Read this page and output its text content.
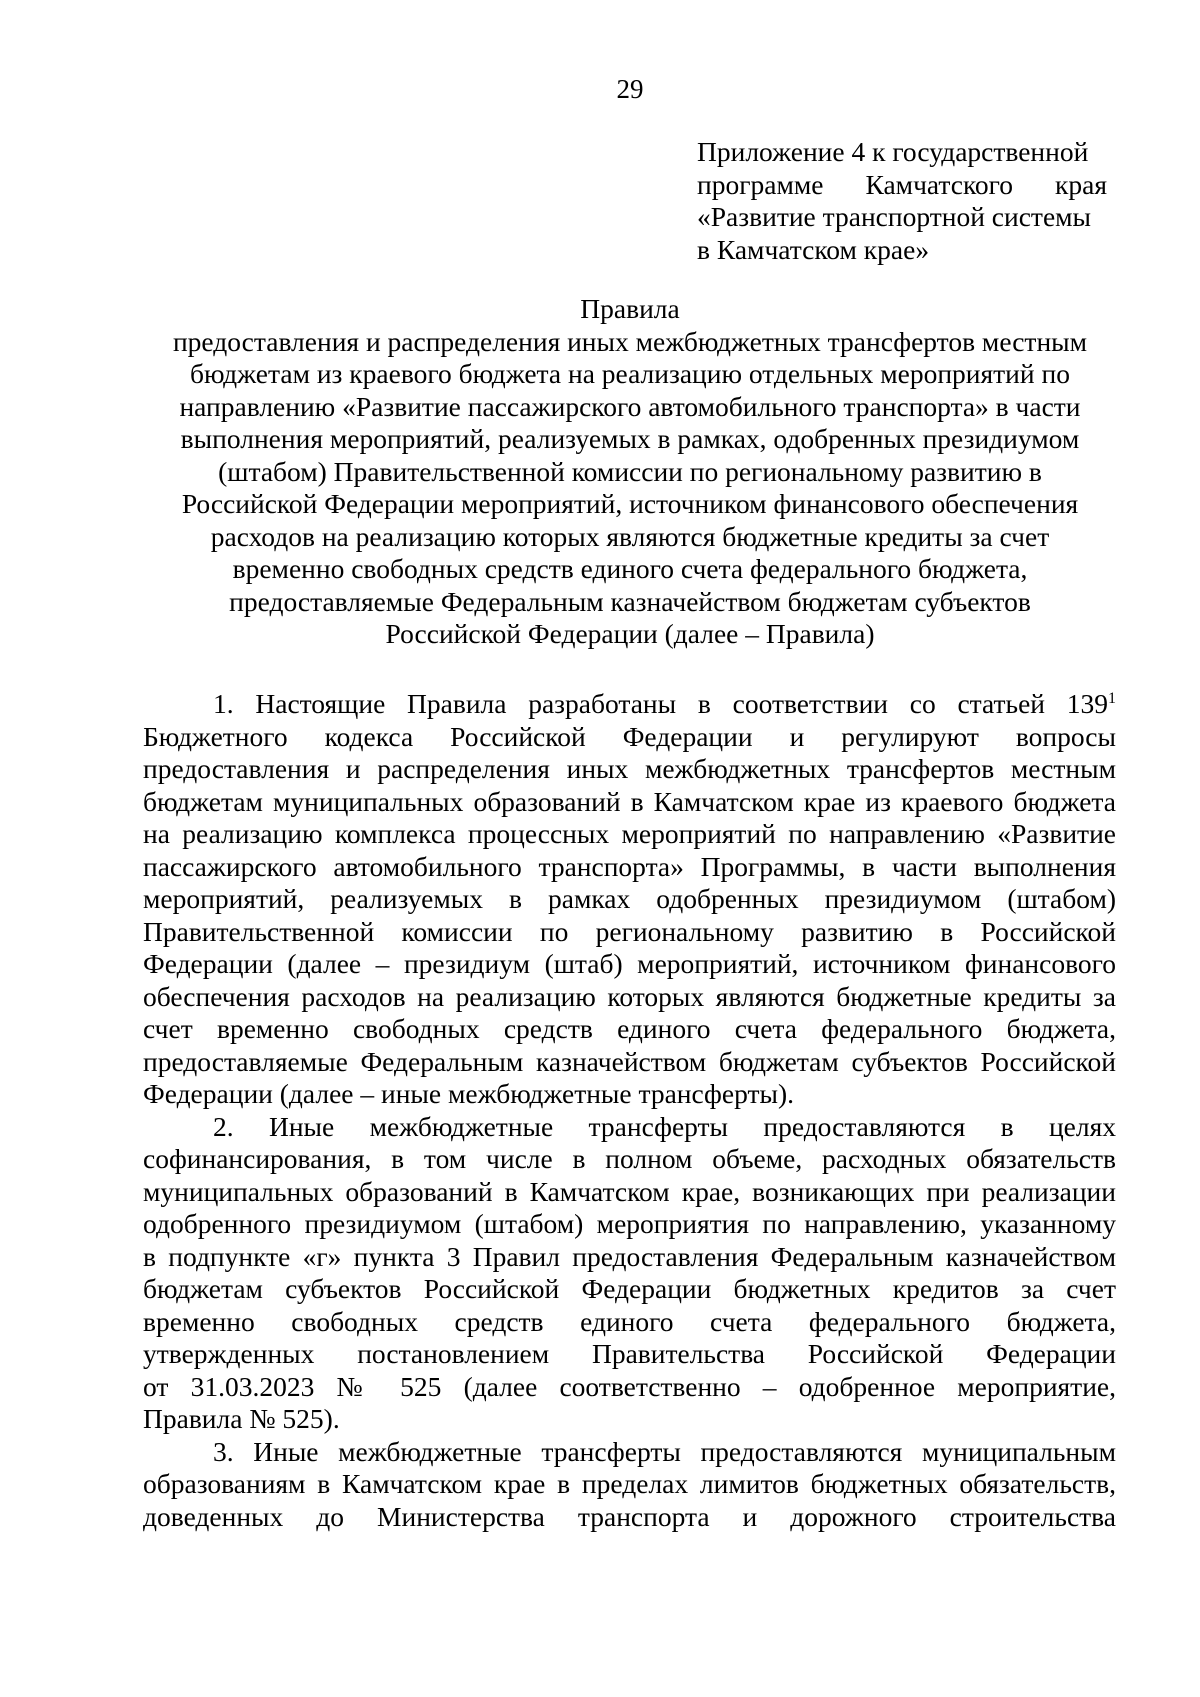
29
Приложение 4 к государственной
программе Камчатского края
«Развитие транспортной системы
в Камчатском крае»
Правила
предоставления и распределения иных межбюджетных трансфертов местным
бюджетам из краевого бюджета на реализацию отдельных мероприятий по
направлению «Развитие пассажирского автомобильного транспорта» в части
выполнения мероприятий, реализуемых в рамках, одобренных президиумом
(штабом) Правительственной комиссии по региональному развитию в
Российской Федерации мероприятий, источником финансового обеспечения
расходов на реализацию которых являются бюджетные кредиты за счет
временно свободных средств единого счета федерального бюджета,
предоставляемые Федеральным казначейством бюджетам субъектов
Российской Федерации (далее – Правила)
1. Настоящие Правила разработаны в соответствии со статьей $139^1$
Бюджетного кодекса Российской Федерации и регулируют вопросы
предоставления и распределения иных межбюджетных трансфертов местным
бюджетам муниципальных образований в Камчатском крае из краевого бюджета
на реализацию комплекса процессных мероприятий по направлению «Развитие
пассажирского автомобильного транспорта» Программы, в части выполнения
мероприятий, реализуемых в рамках одобренных президиумом (штабом)
Правительственной комиссии по региональному развитию в Российской
Федерации (далее – президиум (штаб) мероприятий, источником финансового
обеспечения расходов на реализацию которых являются бюджетные кредиты за
счет временно свободных средств единого счета федерального бюджета,
предоставляемые Федеральным казначейством бюджетам субъектов Российской
Федерации (далее – иные межбюджетные трансферты).
2. Иные межбюджетные трансферты предоставляются в целях
софинансирования, в том числе в полном объеме, расходных обязательств
муниципальных образований в Камчатском крае, возникающих при реализации
одобренного президиумом (штабом) мероприятия по направлению, указанному
в подпункте «г» пункта 3 Правил предоставления Федеральным казначейством
бюджетам субъектов Российской Федерации бюджетных кредитов за счет
временно свободных средств единого счета федерального бюджета,
утвержденных постановлением Правительства Российской Федерации
от 31.03.2023 № 525 (далее соответственно – одобренное мероприятие,
Правила № 525).
3. Иные межбюджетные трансферты предоставляются муниципальным
образованиям в Камчатском крае в пределах лимитов бюджетных обязательств,
доведенных до Министерства транспорта и дорожного строительства
